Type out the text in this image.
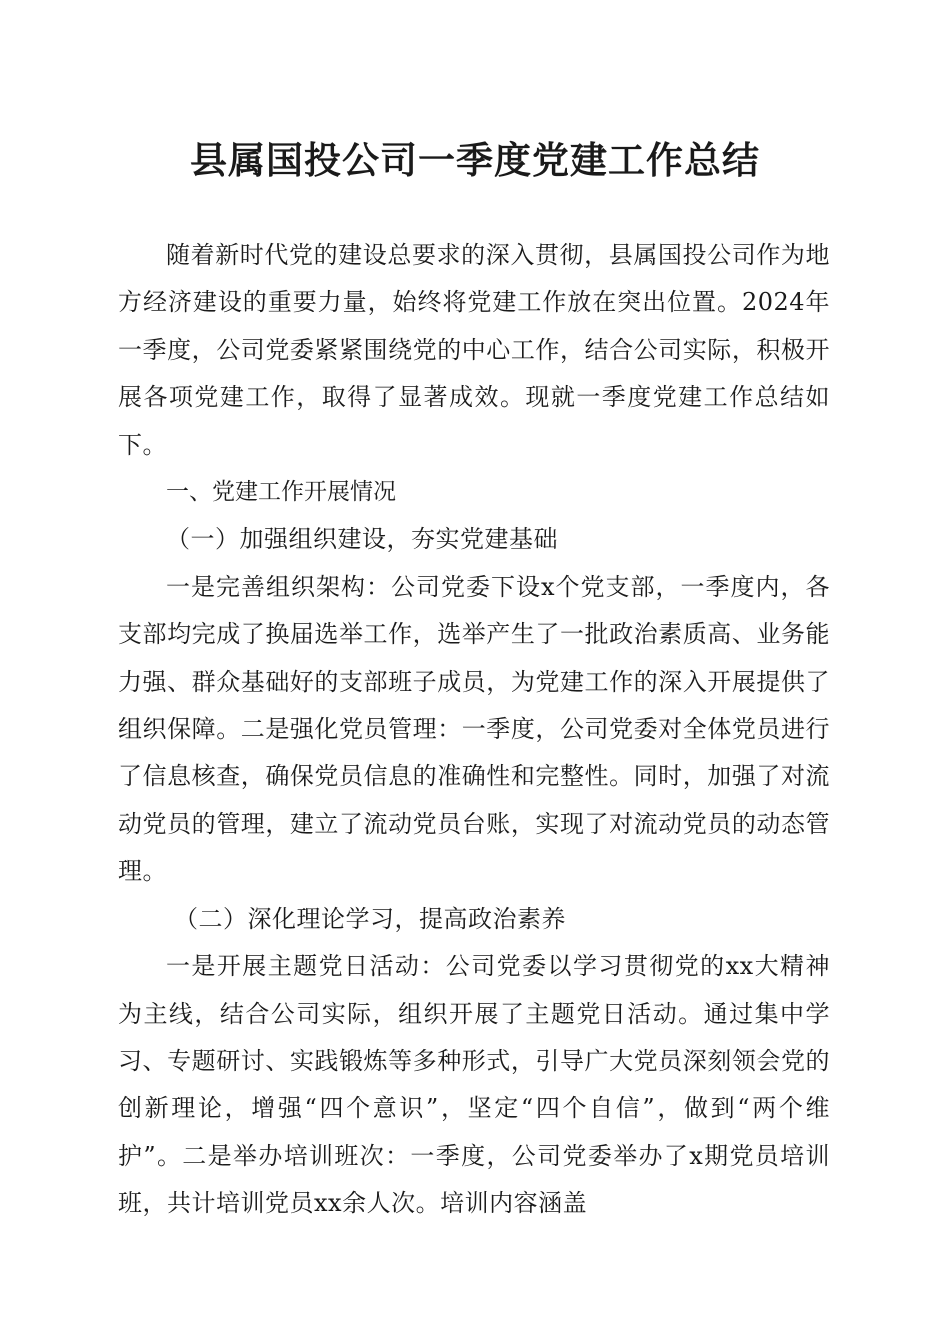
县属国投公司一季度党建工作总结

随着新时代党的建设总要求的深入贯彻，县属国投公司作为地方经济建设的重要力量，始终将党建工作放在突出位置。2024年一季度，公司党委紧紧围绕党的中心工作，结合公司实际，积极开展各项党建工作，取得了显著成效。现就一季度党建工作总结如下。

一、党建工作开展情况

（一）加强组织建设，夯实党建基础

一是完善组织架构：公司党委下设x个党支部，一季度内，各支部均完成了换届选举工作，选举产生了一批政治素质高、业务能力强、群众基础好的支部班子成员，为党建工作的深入开展提供了组织保障。二是强化党员管理：一季度，公司党委对全体党员进行了信息核查，确保党员信息的准确性和完整性。同时，加强了对流动党员的管理，建立了流动党员台账，实现了对流动党员的动态管理。

（二）深化理论学习，提高政治素养

一是开展主题党日活动：公司党委以学习贯彻党的xx大精神为主线，结合公司实际，组织开展了主题党日活动。通过集中学习、专题研讨、实践锻炼等多种形式，引导广大党员深刻领会党的创新理论，增强“四个意识”，坚定“四个自信”，做到“两个维护”。二是举办培训班次：一季度，公司党委举办了x期党员培训班，共计培训党员xx余人次。培训内容涵盖
